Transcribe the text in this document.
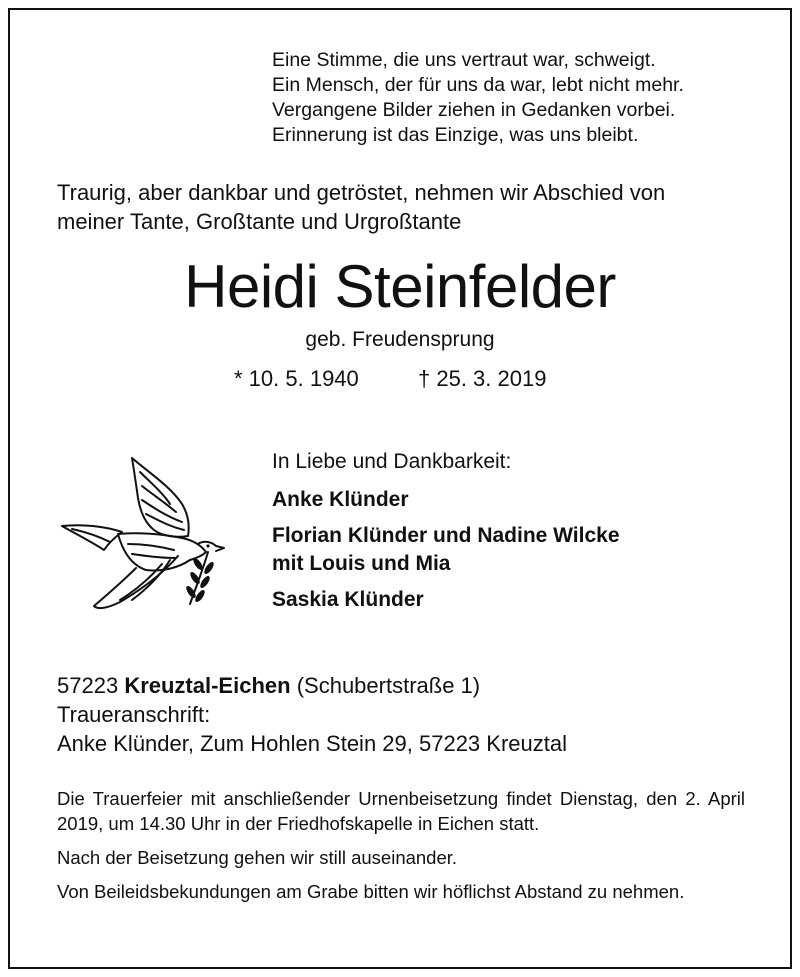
Eine Stimme, die uns vertraut war, schweigt.
Ein Mensch, der für uns da war, lebt nicht mehr.
Vergangene Bilder ziehen in Gedanken vorbei.
Erinnerung ist das Einzige, was uns bleibt.
Traurig, aber dankbar und getröstet, nehmen wir Abschied von
meiner Tante, Großtante und Urgroßtante
Heidi Steinfelder
geb. Freudensprung
* 10. 5. 1940	† 25. 3. 2019
In Liebe und Dankbarkeit:
Anke Klünder
Florian Klünder und Nadine Wilcke
mit Louis und Mia
Saskia Klünder
57223 Kreuztal-Eichen (Schubertstraße 1)
Traueranschrift:
Anke Klünder, Zum Hohlen Stein 29, 57223 Kreuztal

Die Trauerfeier mit anschließender Urnenbeisetzung findet Dienstag, den 2. April 2019, um 14.30 Uhr in der Friedhofskapelle in Eichen statt.

Nach der Beisetzung gehen wir still auseinander.

Von Beileidsbekundungen am Grabe bitten wir höflichst Abstand zu nehmen.
